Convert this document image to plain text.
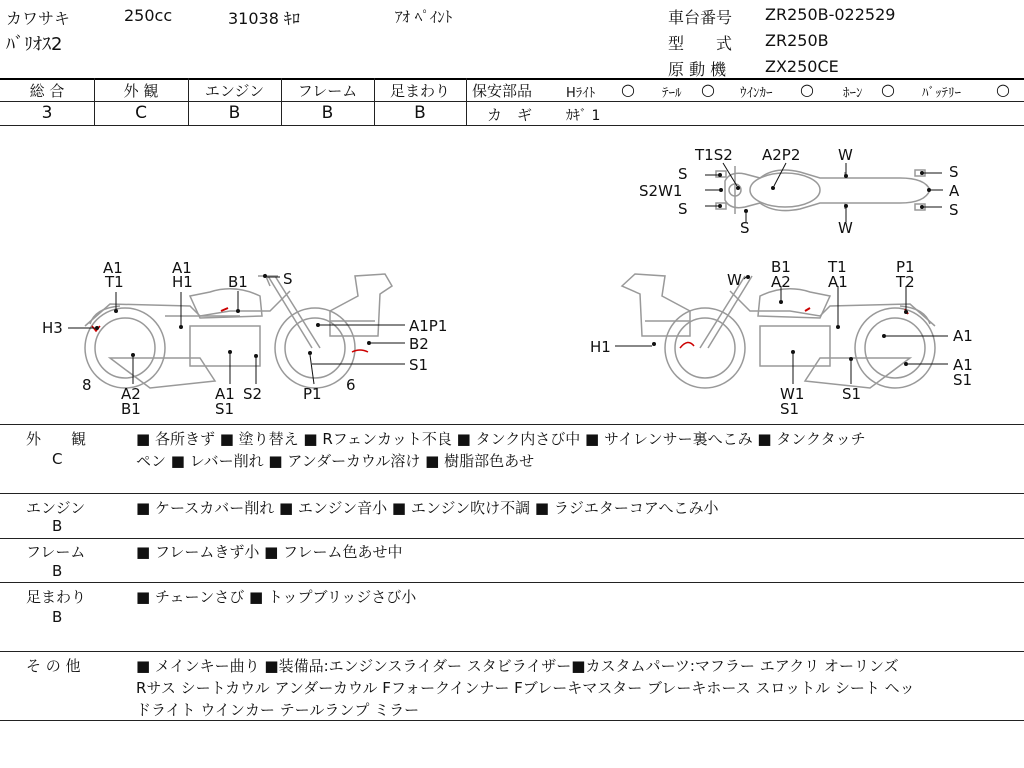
カワサキ	250cc	31038 ｷﾛ	ｱｵ ﾍﾟｲﾝﾄ
ﾊﾞﾘｵｽ2
車台番号 ZR250B-022529
型　　式 ZR250B
原 動 機 ZX250CE
総 合	外 観	エンジン	フレーム	足まわり
3	C	B	B	B
保安部品	Hﾗｲﾄ ○ ﾃｰﾙ ○ ｳｲﾝｶｰ ○ ﾎｰﾝ ○ ﾊﾞｯﾃﾘｰ ○
カ　ギ ｶｷﾞ 1
T1S2 A2P2	W
S
S2W1
S
S	W
S
A
S
A1
T1
A1
H1 B1 S
H3	A1P1
B2
S1
8 A2
B1
A1
S1
S2	P1 6
W
B1
A2
T1
A1
P1
T2
H1
A1
A1
S1
W1
S1
S1
外　　観
C
■ 各所きず ■ 塗り替え ■ Rフェンカット不良 ■ タンク内さび中 ■ サイレンサー裏へこみ ■ タンクタッチ
ペン ■ レバー削れ ■ アンダーカウル溶け ■ 樹脂部色あせ
エンジン
B
■ ケースカバー削れ ■ エンジン音小 ■ エンジン吹け不調 ■ ラジエターコアへこみ小
フレーム
B
■ フレームきず小 ■ フレーム色あせ中
足まわり
B
■ チェーンさび ■ トップブリッジさび小
そ の 他	■ メインキー曲り ■装備品:エンジンスライダー スタビライザー■カスタムパーツ:マフラー エアクリ オーリンズ
Rサス シートカウル アンダーカウル Fフォークインナー Fブレーキマスター ブレーキホース スロットル シート ヘッ
ドライト ウインカー テールランプ ミラー
